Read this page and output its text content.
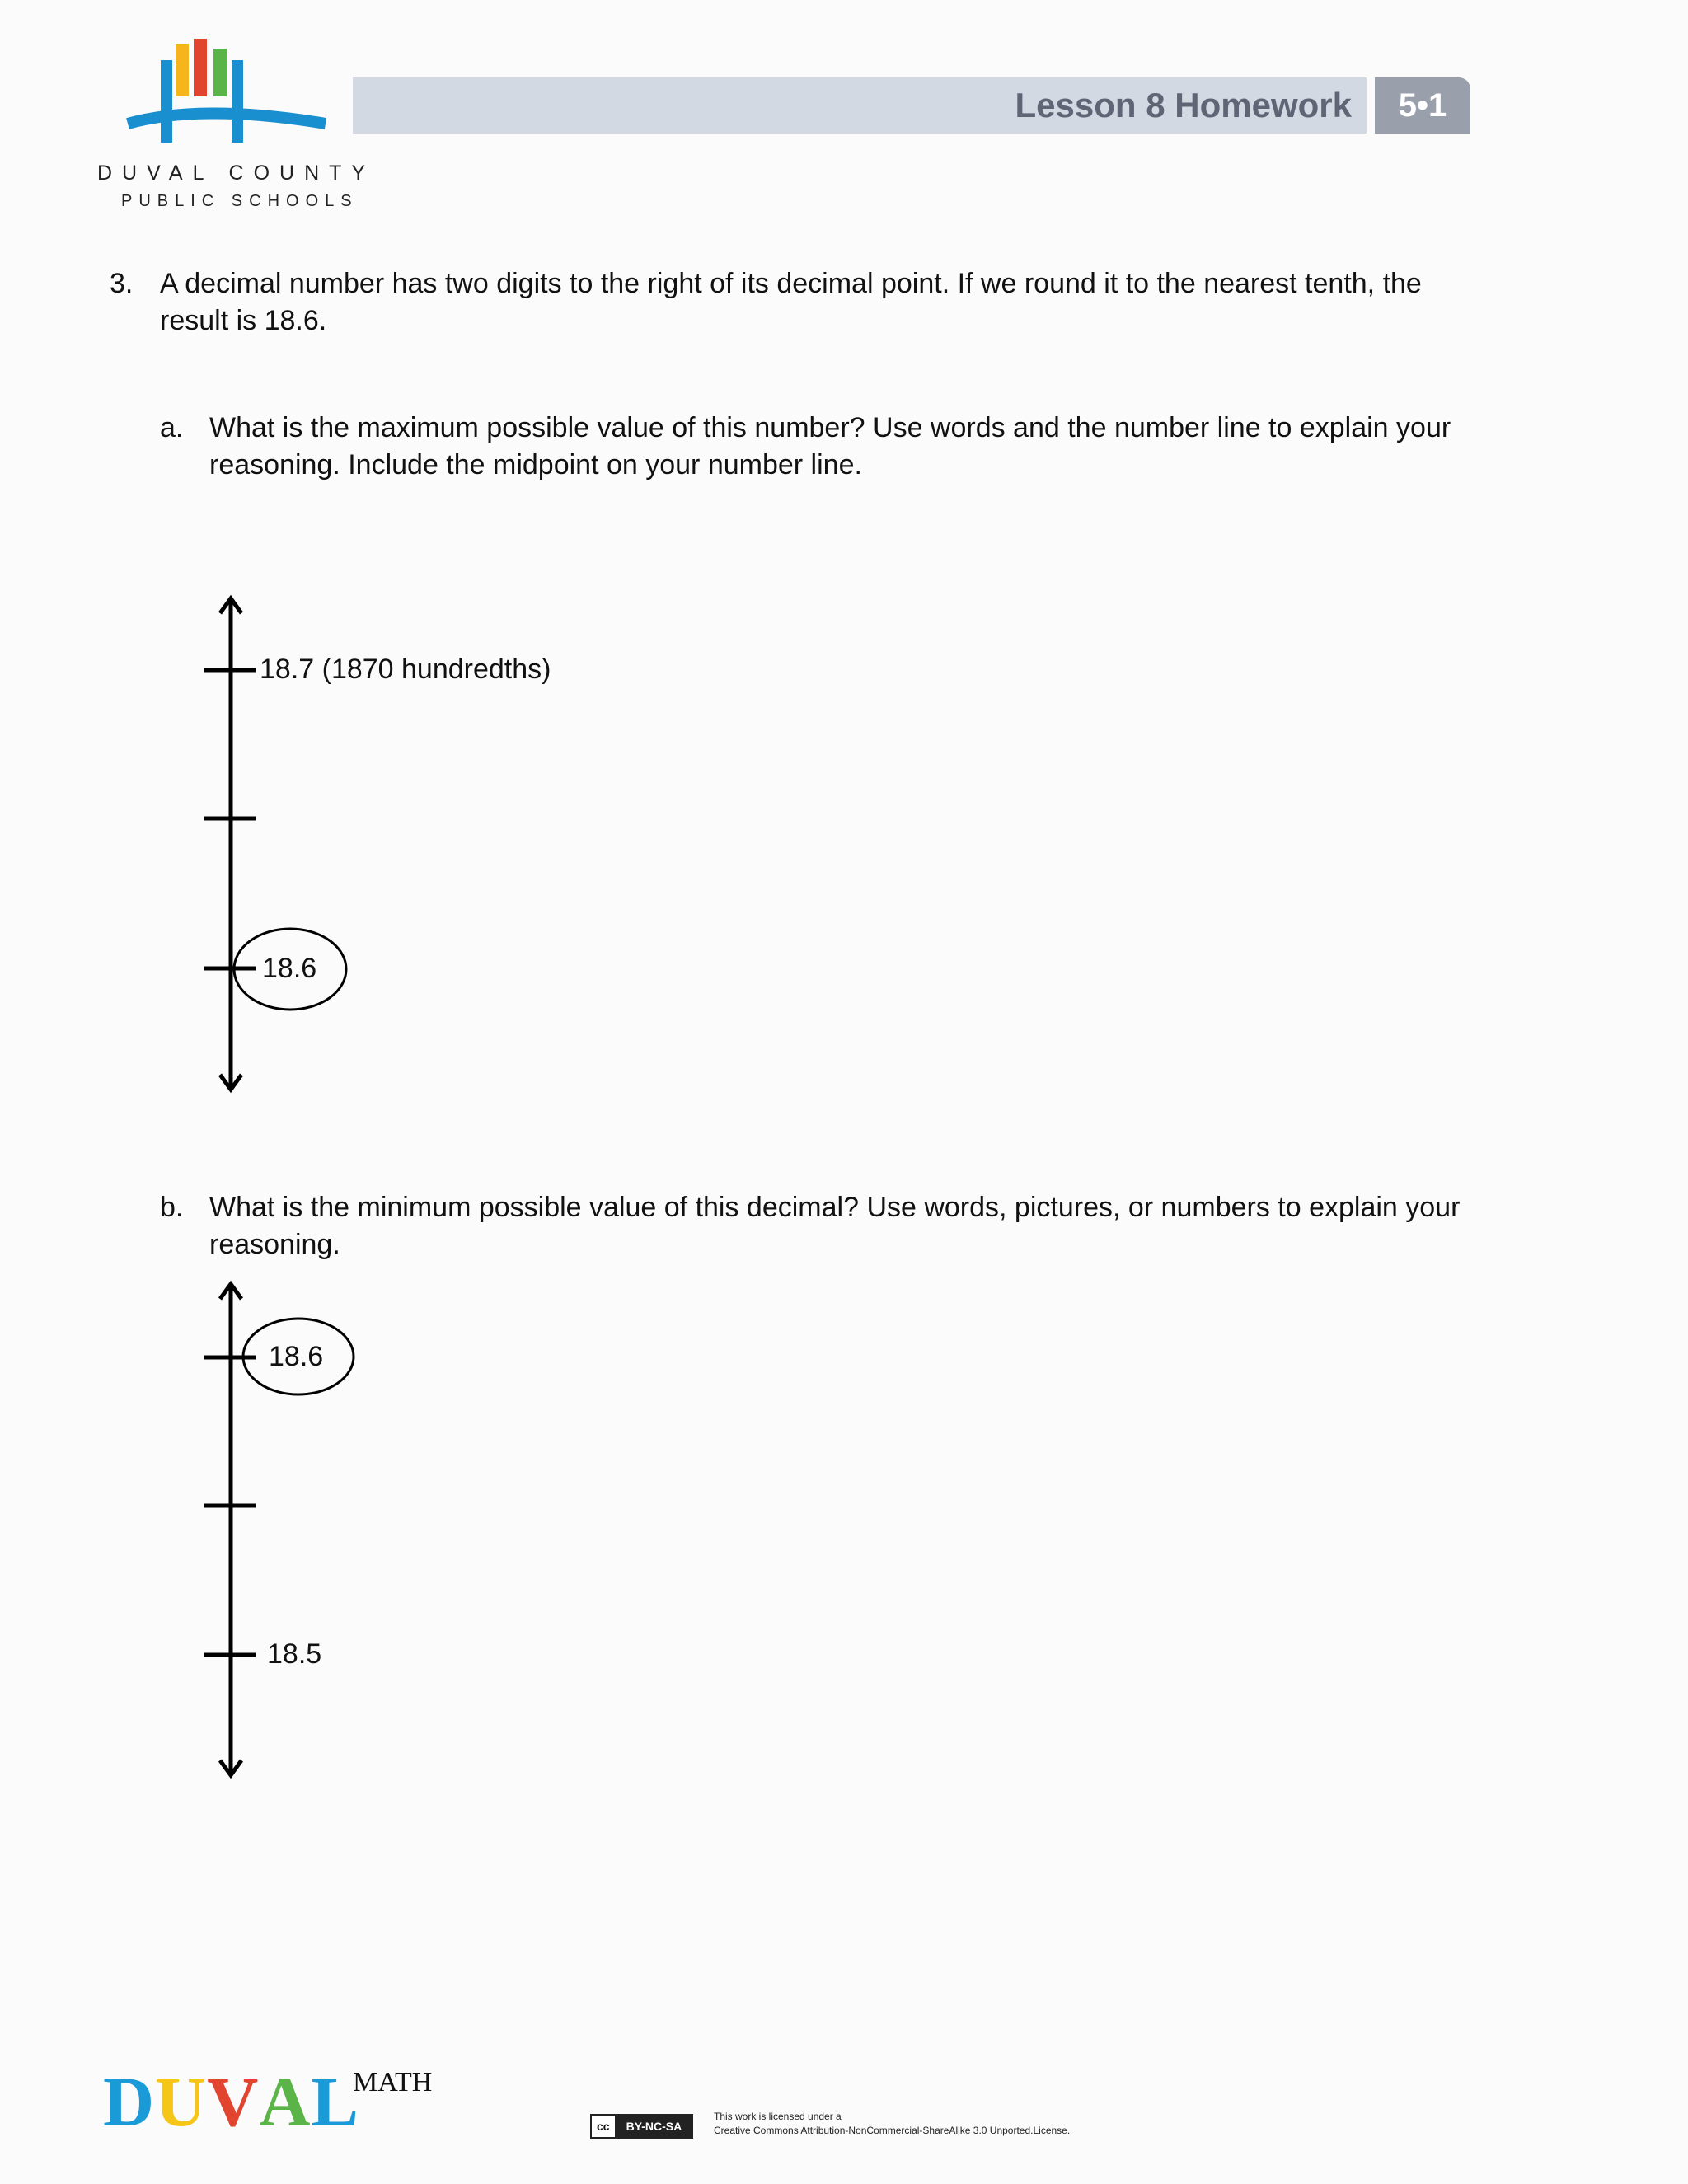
DUVAL COUNTY
PUBLIC SCHOOLS
Lesson 8 Homework	5•1
3. A decimal number has two digits to the right of its decimal point. If we round it to the nearest tenth, the result is 18.6.
a. What is the maximum possible value of this number? Use words and the number line to explain your reasoning. Include the midpoint on your number line.
18.7 (1870 hundredths)
18.6
b. What is the minimum possible value of this decimal? Use words, pictures, or numbers to explain your reasoning.
18.6
18.5
DUVAL
MATH
cc	BY-NC-SA
This work is licensed under a
Creative Commons Attribution-NonCommercial-ShareAlike 3.0 Unported.License.
